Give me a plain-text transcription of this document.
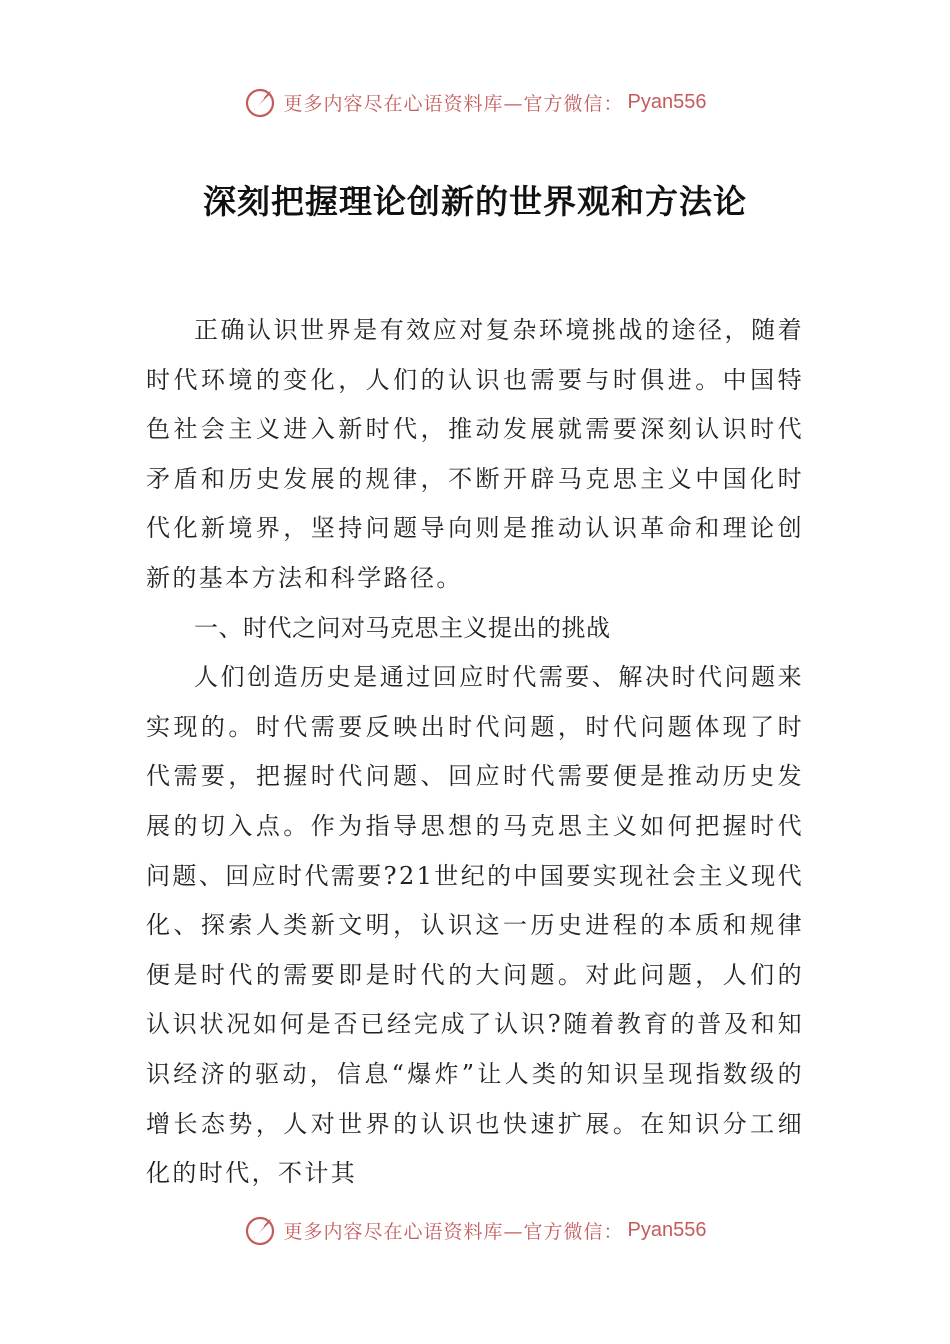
更多内容尽在心语资料库—官方微信： Pyan556
深刻把握理论创新的世界观和方法论

正确认识世界是有效应对复杂环境挑战的途径，随着时代环境的变化，人们的认识也需要与时俱进。中国特色社会主义进入新时代，推动发展就需要深刻认识时代矛盾和历史发展的规律，不断开辟马克思主义中国化时代化新境界，坚持问题导向则是推动认识革命和理论创新的基本方法和科学路径。

一、时代之问对马克思主义提出的挑战

人们创造历史是通过回应时代需要、解决时代问题来实现的。时代需要反映出时代问题，时代问题体现了时代需要，把握时代问题、回应时代需要便是推动历史发展的切入点。作为指导思想的马克思主义如何把握时代问题、回应时代需要?21世纪的中国要实现社会主义现代化、探索人类新文明，认识这一历史进程的本质和规律便是时代的需要即是时代的大问题。对此问题，人们的认识状况如何是否已经完成了认识?随着教育的普及和知识经济的驱动，信息“爆炸”让人类的知识呈现指数级的增长态势，人对世界的认识也快速扩展。在知识分工细化的时代，不计其

更多内容尽在心语资料库—官方微信： Pyan556
